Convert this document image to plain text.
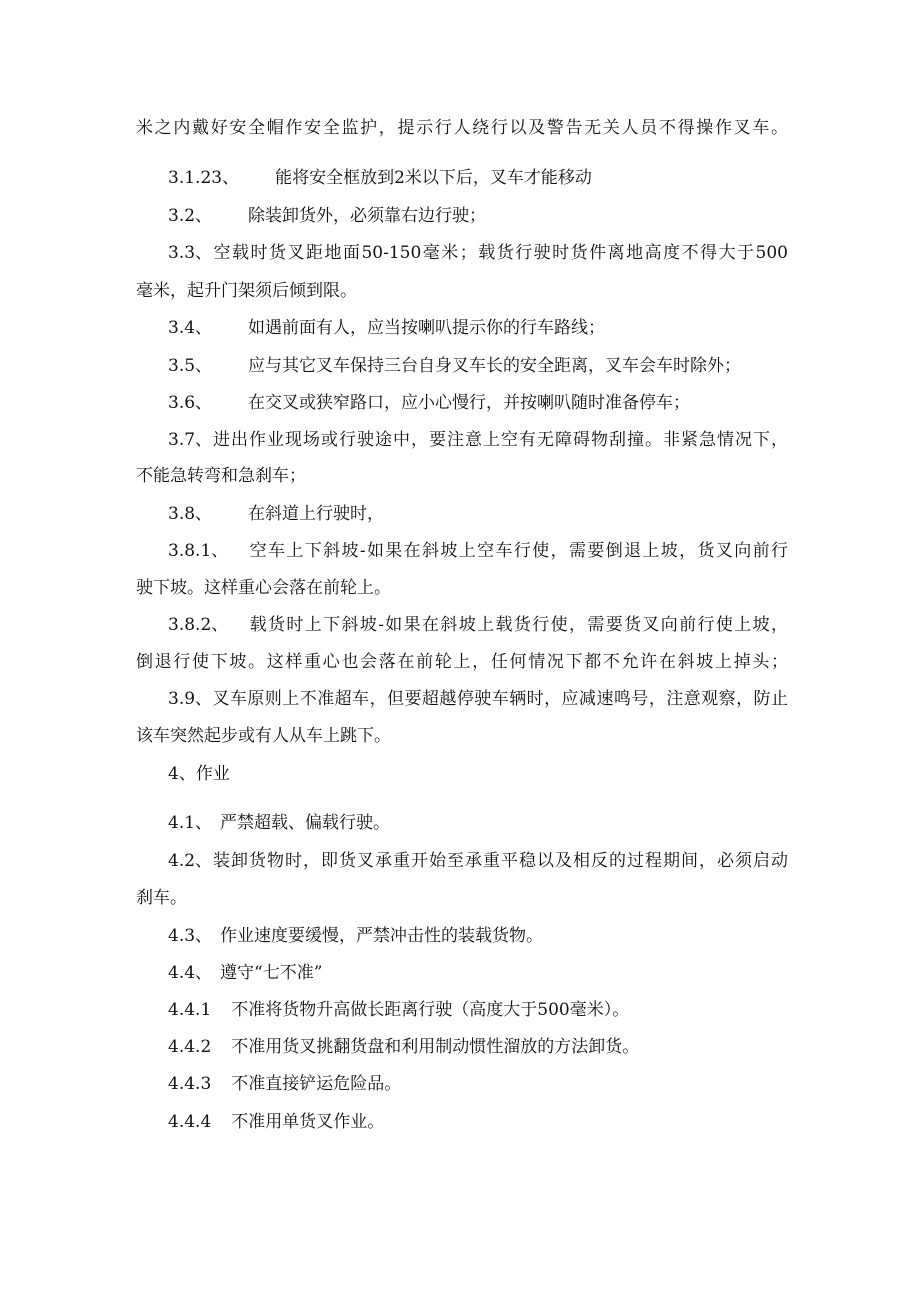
米之内戴好安全帽作安全监护，提示行人绕行以及警告无关人员不得操作叉车。
3.1.23、 能将安全框放到2米以下后，叉车才能移动
3.2、 除装卸货外，必须靠右边行驶；
3.3、空载时货叉距地面50-150毫米；载货行驶时货件离地高度不得大于500
毫米，起升门架须后倾到限。
3.4、 如遇前面有人，应当按喇叭提示你的行车路线；
3.5、 应与其它叉车保持三台自身叉车长的安全距离，叉车会车时除外；
3.6、 在交叉或狭窄路口，应小心慢行，并按喇叭随时准备停车；
3.7、进出作业现场或行驶途中，要注意上空有无障碍物刮撞。非紧急情况下，
不能急转弯和急刹车；
3.8、 在斜道上行驶时，
3.8.1、 空车上下斜坡-如果在斜坡上空车行使，需要倒退上坡，货叉向前行
驶下坡。这样重心会落在前轮上。
3.8.2、 载货时上下斜坡-如果在斜坡上载货行使，需要货叉向前行使上坡，
倒退行使下坡。这样重心也会落在前轮上，任何情况下都不允许在斜坡上掉头；
3.9、叉车原则上不准超车，但要超越停驶车辆时，应减速鸣号，注意观察，防止
该车突然起步或有人从车上跳下。
4、作业
4.1、 严禁超载、偏载行驶。
4.2、装卸货物时，即货叉承重开始至承重平稳以及相反的过程期间，必须启动
刹车。
4.3、 作业速度要缓慢，严禁冲击性的装载货物。
4.4、 遵守“七不准”
4.4.1 不准将货物升高做长距离行驶（高度大于500毫米）。
4.4.2 不准用货叉挑翻货盘和利用制动惯性溜放的方法卸货。
4.4.3 不准直接铲运危险品。
4.4.4 不准用单货叉作业。
